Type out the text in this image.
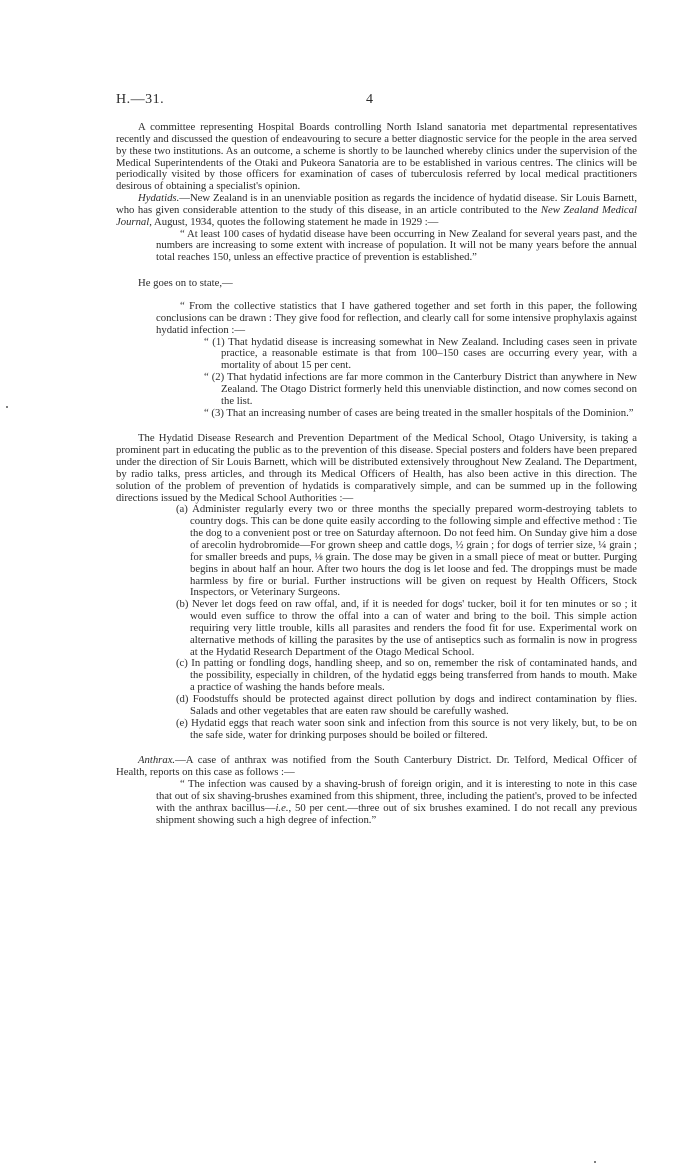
H.—31.	4

A committee representing Hospital Boards controlling North Island sanatoria met departmental representatives recently and discussed the question of endeavouring to secure a better diagnostic service for the people in the area served by these two institutions. As an outcome, a scheme is shortly to be launched whereby clinics under the supervision of the Medical Superintendents of the Otaki and Pukeora Sanatoria are to be established in various centres. The clinics will be periodically visited by those officers for examination of cases of tuberculosis referred by local medical practitioners desirous of obtaining a specialist's opinion.

Hydatids.—New Zealand is in an unenviable position as regards the incidence of hydatid disease. Sir Louis Barnett, who has given considerable attention to the study of this disease, in an article contributed to the New Zealand Medical Journal, August, 1934, quotes the following statement he made in 1929 :—

“ At least 100 cases of hydatid disease have been occurring in New Zealand for several years past, and the numbers are increasing to some extent with increase of population. It will not be many years before the annual total reaches 150, unless an effective practice of prevention is established.”

He goes on to state,—

“ From the collective statistics that I have gathered together and set forth in this paper, the following conclusions can be drawn : They give food for reflection, and clearly call for some intensive prophylaxis against hydatid infection :—

“ (1) That hydatid disease is increasing somewhat in New Zealand. Including cases seen in private practice, a reasonable estimate is that from 100–150 cases are occurring every year, with a mortality of about 15 per cent.

“ (2) That hydatid infections are far more common in the Canterbury District than anywhere in New Zealand. The Otago District formerly held this unenviable distinction, and now comes second on the list.

“ (3) That an increasing number of cases are being treated in the smaller hospitals of the Dominion.”

The Hydatid Disease Research and Prevention Department of the Medical School, Otago University, is taking a prominent part in educating the public as to the prevention of this disease. Special posters and folders have been prepared under the direction of Sir Louis Barnett, which will be distributed extensively throughout New Zealand. The Department, by radio talks, press articles, and through its Medical Officers of Health, has also been active in this direction. The solution of the problem of prevention of hydatids is comparatively simple, and can be summed up in the following directions issued by the Medical School Authorities :—

(a) Administer regularly every two or three months the specially prepared worm-destroying tablets to country dogs. This can be done quite easily according to the following simple and effective method : Tie the dog to a convenient post or tree on Saturday afternoon. Do not feed him. On Sunday give him a dose of arecolin hydrobromide—For grown sheep and cattle dogs, ½ grain ; for dogs of terrier size, ¼ grain ; for smaller breeds and pups, ⅛ grain. The dose may be given in a small piece of meat or butter. Purging begins in about half an hour. After two hours the dog is let loose and fed. The droppings must be made harmless by fire or burial. Further instructions will be given on request by Health Officers, Stock Inspectors, or Veterinary Surgeons.

(b) Never let dogs feed on raw offal, and, if it is needed for dogs' tucker, boil it for ten minutes or so ; it would even suffice to throw the offal into a can of water and bring to the boil. This simple action requiring very little trouble, kills all parasites and renders the food fit for use. Experimental work on alternative methods of killing the parasites by the use of antiseptics such as formalin is now in progress at the Hydatid Research Department of the Otago Medical School.

(c) In patting or fondling dogs, handling sheep, and so on, remember the risk of contaminated hands, and the possibility, especially in children, of the hydatid eggs being transferred from hands to mouth. Make a practice of washing the hands before meals.

(d) Foodstuffs should be protected against direct pollution by dogs and indirect contamination by flies. Salads and other vegetables that are eaten raw should be carefully washed.

(e) Hydatid eggs that reach water soon sink and infection from this source is not very likely, but, to be on the safe side, water for drinking purposes should be boiled or filtered.

Anthrax.—A case of anthrax was notified from the South Canterbury District. Dr. Telford, Medical Officer of Health, reports on this case as follows :—

“ The infection was caused by a shaving-brush of foreign origin, and it is interesting to note in this case that out of six shaving-brushes examined from this shipment, three, including the patient's, proved to be infected with the anthrax bacillus—i.e., 50 per cent.—three out of six brushes examined. I do not recall any previous shipment showing such a high degree of infection.”
